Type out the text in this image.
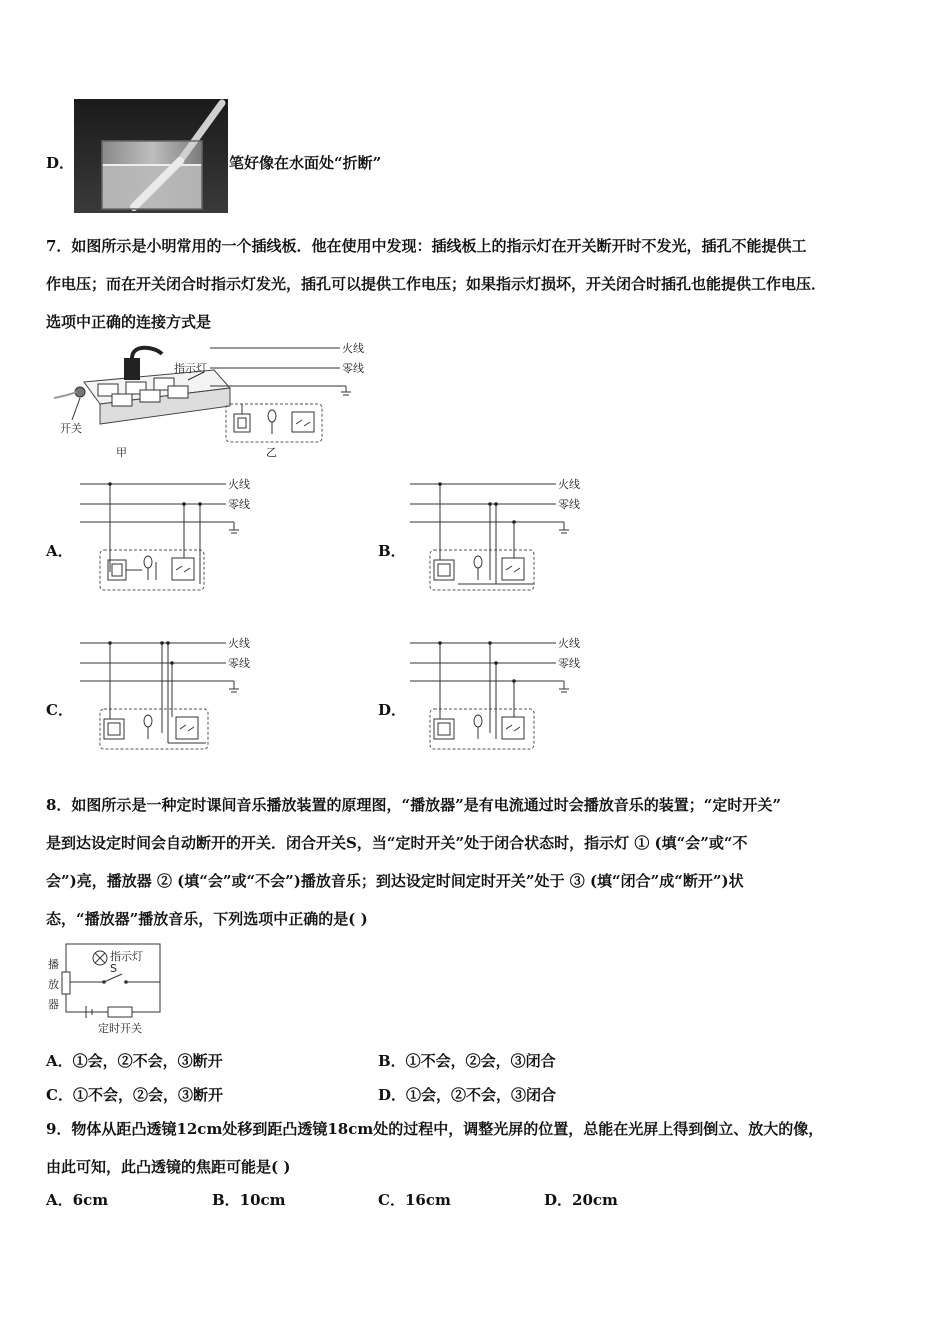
D．	笔好像在水面处“折断”
7．如图所示是小明常用的一个插线板．他在使用中发现：插线板上的指示灯在开关断开时不发光，插孔不能提供工
作电压；而在开关闭合时指示灯发光，插孔可以提供工作电压；如果指示灯损坏，开关闭合时插孔也能提供工作电压．
选项中正确的连接方式是
指示灯
开关
甲
火线
零线
乙
A．
火线
零线
B．
火线
零线
C．
火线
零线
D．
火线
零线
8．如图所示是一种定时课间音乐播放装置的原理图，“播放器”是有电流通过时会播放音乐的装置；“定时开关”
是到达设定时间会自动断开的开关．闭合开关S，当“定时开关”处于闭合状态时，指示灯 ① (填“会”或“不
会”)亮，播放器 ② (填“会”或“不会”)播放音乐；到达设定时间定时开关”处于 ③ (填“闭合”成“断开”)状
态，“播放器”播放音乐，下列选项中正确的是( )
指示灯
S
播
放
器
定时开关
A．①会，②不会，③断开	B．①不会，②会，③闭合
C．①不会，②会，③断开	D．①会，②不会，③闭合
9．物体从距凸透镜12cm处移到距凸透镜18cm处的过程中，调整光屏的位置，总能在光屏上得到倒立、放大的像，
由此可知，此凸透镜的焦距可能是( )
A．6cm	B．10cm	C．16cm	D．20cm
